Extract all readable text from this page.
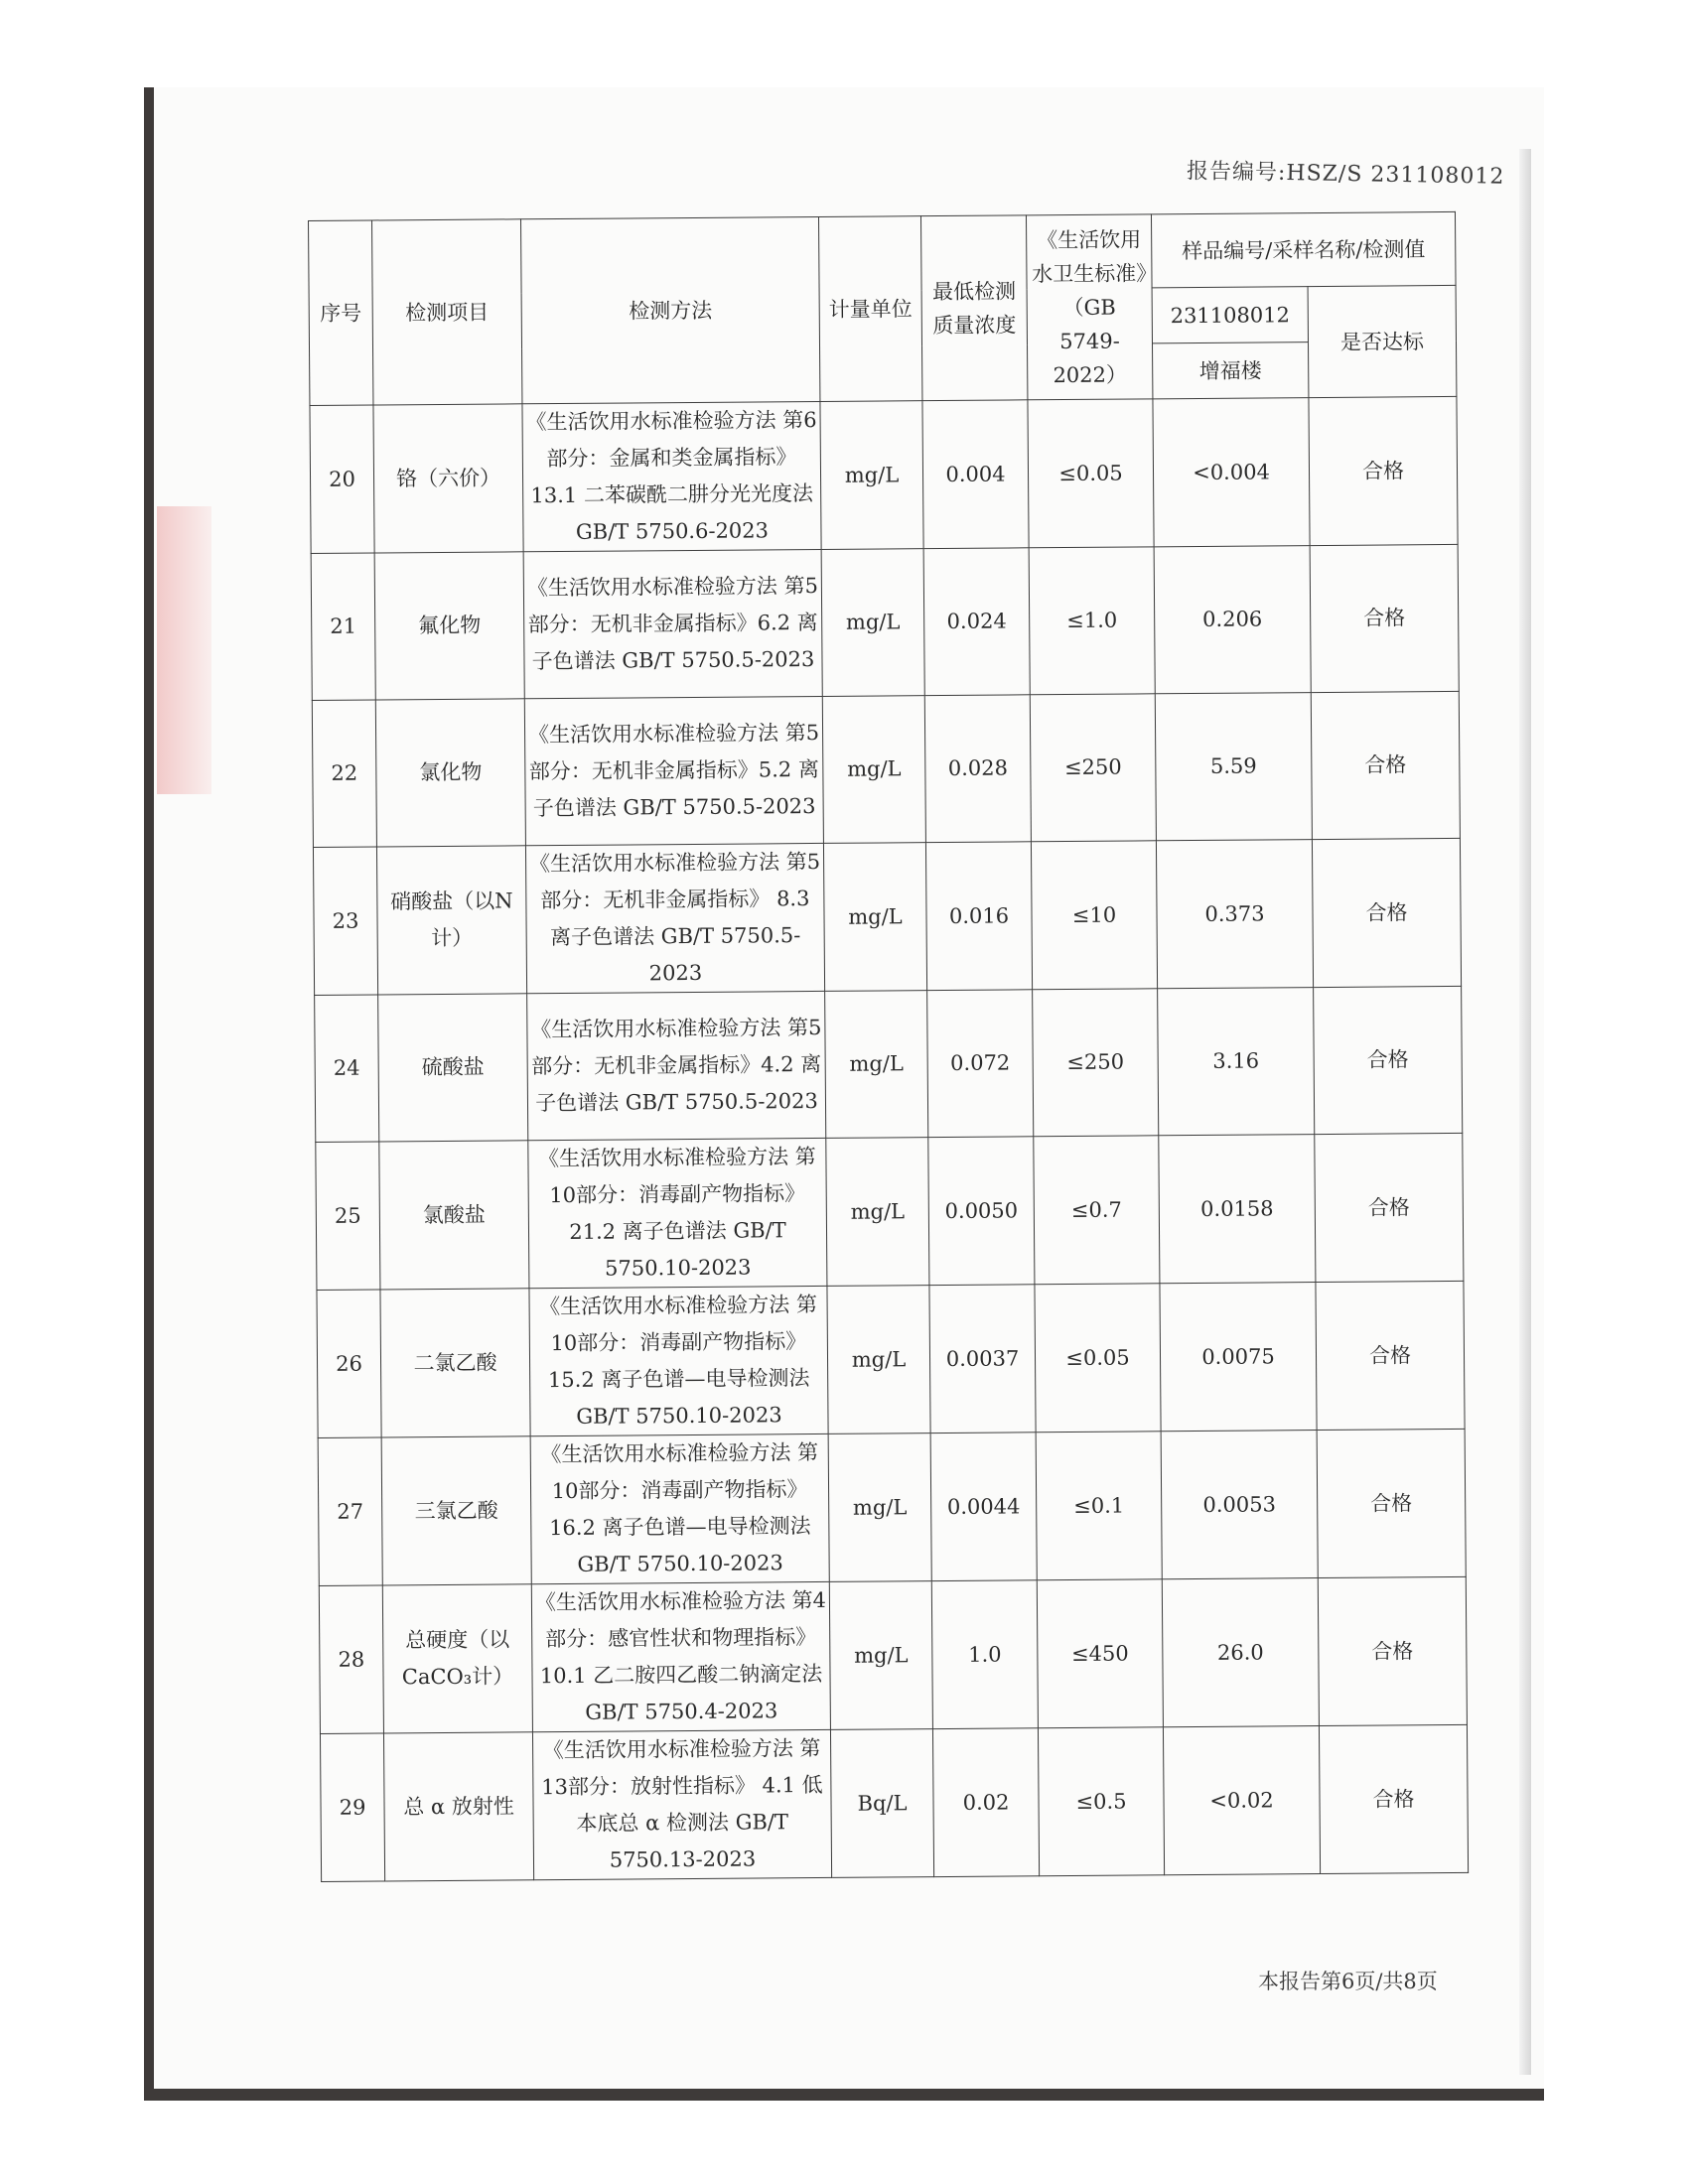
报告编号:HSZ/S 231108012
序号	检测项目	检测方法	计量单位	最低检测质量浓度	《生活饮用水卫生标准》（GB 5749-2022）	样品编号/采样名称/检测值	
						231108012	是否达标
						增福楼	
20	铬（六价）	《生活饮用水标准检验方法 第6部分：金属和类金属指标》13.1 二苯碳酰二肼分光光度法 GB/T 5750.6-2023	mg/L	0.004	≤0.05	<0.004	合格
21	氟化物	《生活饮用水标准检验方法 第5部分：无机非金属指标》6.2 离子色谱法 GB/T 5750.5-2023	mg/L	0.024	≤1.0	0.206	合格
22	氯化物	《生活饮用水标准检验方法 第5部分：无机非金属指标》5.2 离子色谱法 GB/T 5750.5-2023	mg/L	0.028	≤250	5.59	合格
23	硝酸盐（以N计）	《生活饮用水标准检验方法 第5部分：无机非金属指标》 8.3 离子色谱法 GB/T 5750.5-2023	mg/L	0.016	≤10	0.373	合格
24	硫酸盐	《生活饮用水标准检验方法 第5部分：无机非金属指标》4.2 离子色谱法 GB/T 5750.5-2023	mg/L	0.072	≤250	3.16	合格
25	氯酸盐	《生活饮用水标准检验方法 第10部分：消毒副产物指标》21.2 离子色谱法 GB/T 5750.10-2023	mg/L	0.0050	≤0.7	0.0158	合格
26	二氯乙酸	《生活饮用水标准检验方法 第10部分：消毒副产物指标》 15.2 离子色谱—电导检测法 GB/T 5750.10-2023	mg/L	0.0037	≤0.05	0.0075	合格
27	三氯乙酸	《生活饮用水标准检验方法 第10部分：消毒副产物指标》 16.2 离子色谱—电导检测法 GB/T 5750.10-2023	mg/L	0.0044	≤0.1	0.0053	合格
28	总硬度（以CaCO₃计）	《生活饮用水标准检验方法 第4部分：感官性状和物理指标》10.1 乙二胺四乙酸二钠滴定法 GB/T 5750.4-2023	mg/L	1.0	≤450	26.0	合格
29	总 α 放射性	《生活饮用水标准检验方法 第13部分：放射性指标》 4.1 低本底总 α 检测法 GB/T 5750.13-2023	Bq/L	0.02	≤0.5	<0.02	合格
本报告第6页/共8页
